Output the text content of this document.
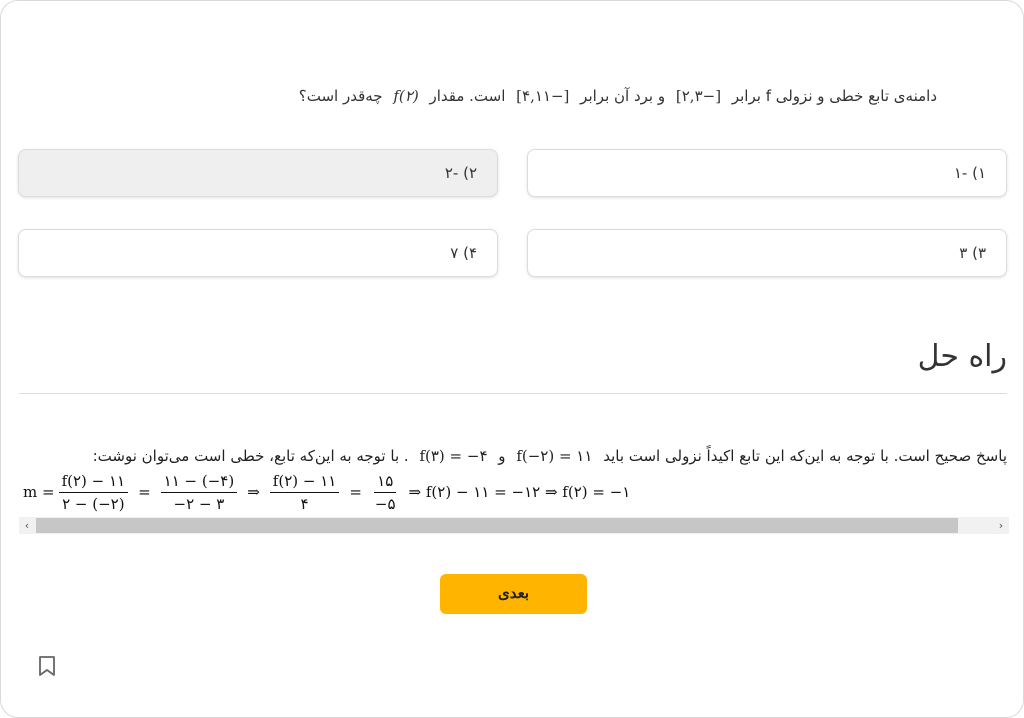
دامنه‌ی تابع خطی و نزولی f برابر [−۲,۳] و برد آن برابر [−۴,۱۱] است. مقدار f(۲) چه‌قدر است؟
۱) -۱
۲) -۲
۳) ۳
۴) ۷
راه حل
پاسخ صحیح است. با توجه به این‌که این تابع اکیداً نزولی است باید f(−۲) = ۱۱ و f(۳) = −۴ . با توجه به این‌که تابع، خطی است می‌توان نوشت:
$m = \frac{f(۲) - ۱۱}{۲ - (-۲)} = \frac{۱۱ - (-۴)}{-۲ - ۳}$ ⇒ $\frac{f(۲) - ۱۱}{۴} = \frac{۱۵}{-۵}$ ⇒ f(۲) − ۱۱ = −۱۲ ⇒ f(۲) = −۱
‹	›
بعدی
